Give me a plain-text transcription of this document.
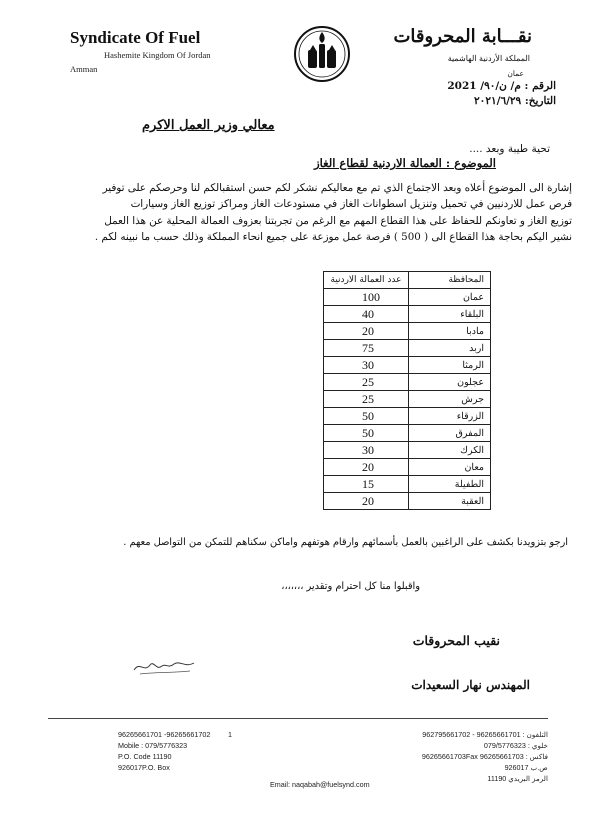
Syndicate Of Fuel
Hashemite Kingdom Of Jordan
Amman
نقـــابة المحروقات
المملكة الأردنية الهاشمية
عمان
الرقم : م/ ن/٩٠/ 2021
التاريخ: ٢٠٢١/٦/٢٩
معالي وزير العمل الاكرم
تحية طيبة وبعد ....
الموضوع : العمالة الاردنية لقطاع الغاز

إشارة الى الموضوع أعلاه وبعد الاجتماع الذي تم مع معاليكم نشكر لكم حسن استقبالكم لنا وحرصكم على توفير

فرص عمل للاردنيين في تحميل وتنزيل اسطوانات الغاز في مستودعات الغاز ومراكز توزيع الغاز وسيارات

توزيع الغاز و تعاونكم للحفاظ على هذا القطاع المهم مع الرغم من تجربتنا بعزوف العمالة المحلية عن هذا العمل

نشير اليكم بحاجة هذا القطاع الى ( 500 ) فرصة عمل موزعة على جميع انحاء المملكة وذلك حسب ما نبينه لكم .

المحافظة	عدد العمالة الاردنية
عمان	100
البلقاء	40
مادبا	20
اربد	75
الرمثا	30
عجلون	25
جرش	25
الزرقاء	50
المفرق	50
الكرك	30
معان	20
الطفيلة	15
العقبة	20
ارجو بتزويدنا بكشف على الراغبين بالعمل بأسمائهم وارقام هوتفهم واماكن سكناهم للتمكن من التواصل معهم .
واقبلوا منا كل احترام وتقدير ،،،،،،،
نقيب المحروقات
المهندس نهار السعيدات
96265661701 -96265661702
Mobile : 079/5776323
P.O. Code 11190
926017P.O. Box
1	التلفون : 96265661701 - 962795661702
خلوي : 079/5776323
فاكس : 96265661703Fax 96265661703
ص.ب 926017
الرمز البريدي 11190
Email: naqabah@fuelsynd.com
